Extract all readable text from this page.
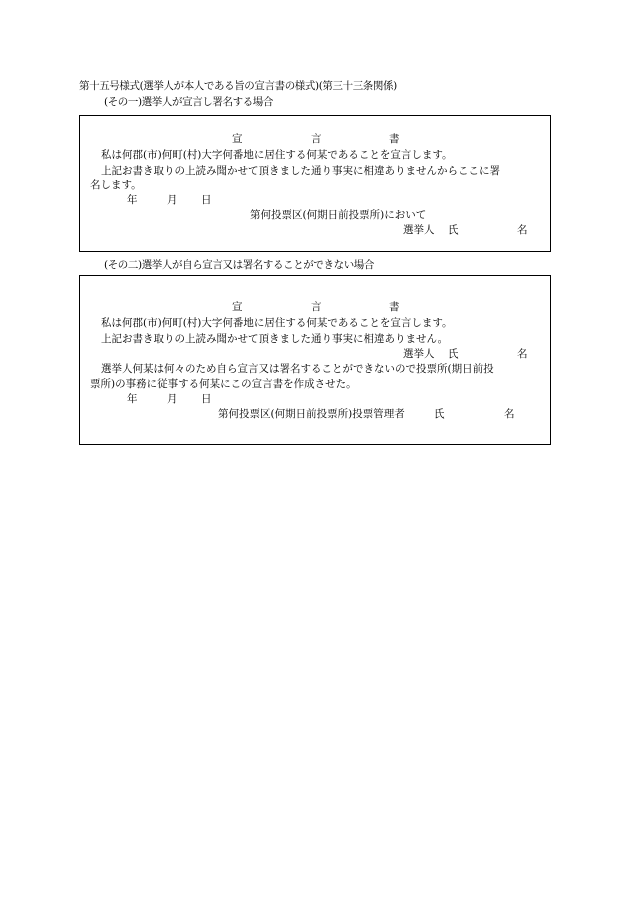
第十五号様式(選挙人が本人である旨の宣言書の様式)(第三十三条関係)
(その一)選挙人が宣言し署名する場合
宣	言	書
私は何郡(市)何町(村)大字何番地に居住する何某であることを宣言します。
上記お書き取りの上読み聞かせて頂きました通り事実に相違ありませんからここに署
名します。
年	月 日
第何投票区(何期日前投票所)において
選挙人 氏	名
(その二)選挙人が自ら宣言又は署名することができない場合
宣	言	書
私は何郡(市)何町(村)大字何番地に居住する何某であることを宣言します。
上記お書き取りの上読み聞かせて頂きました通り事実に相違ありません。
選挙人 氏	名
選挙人何某は何々のため自ら宣言又は署名することができないので投票所(期日前投
票所)の事務に従事する何某にこの宣言書を作成させた。
年	月 日
第何投票区(何期日前投票所)投票管理者	氏	名
